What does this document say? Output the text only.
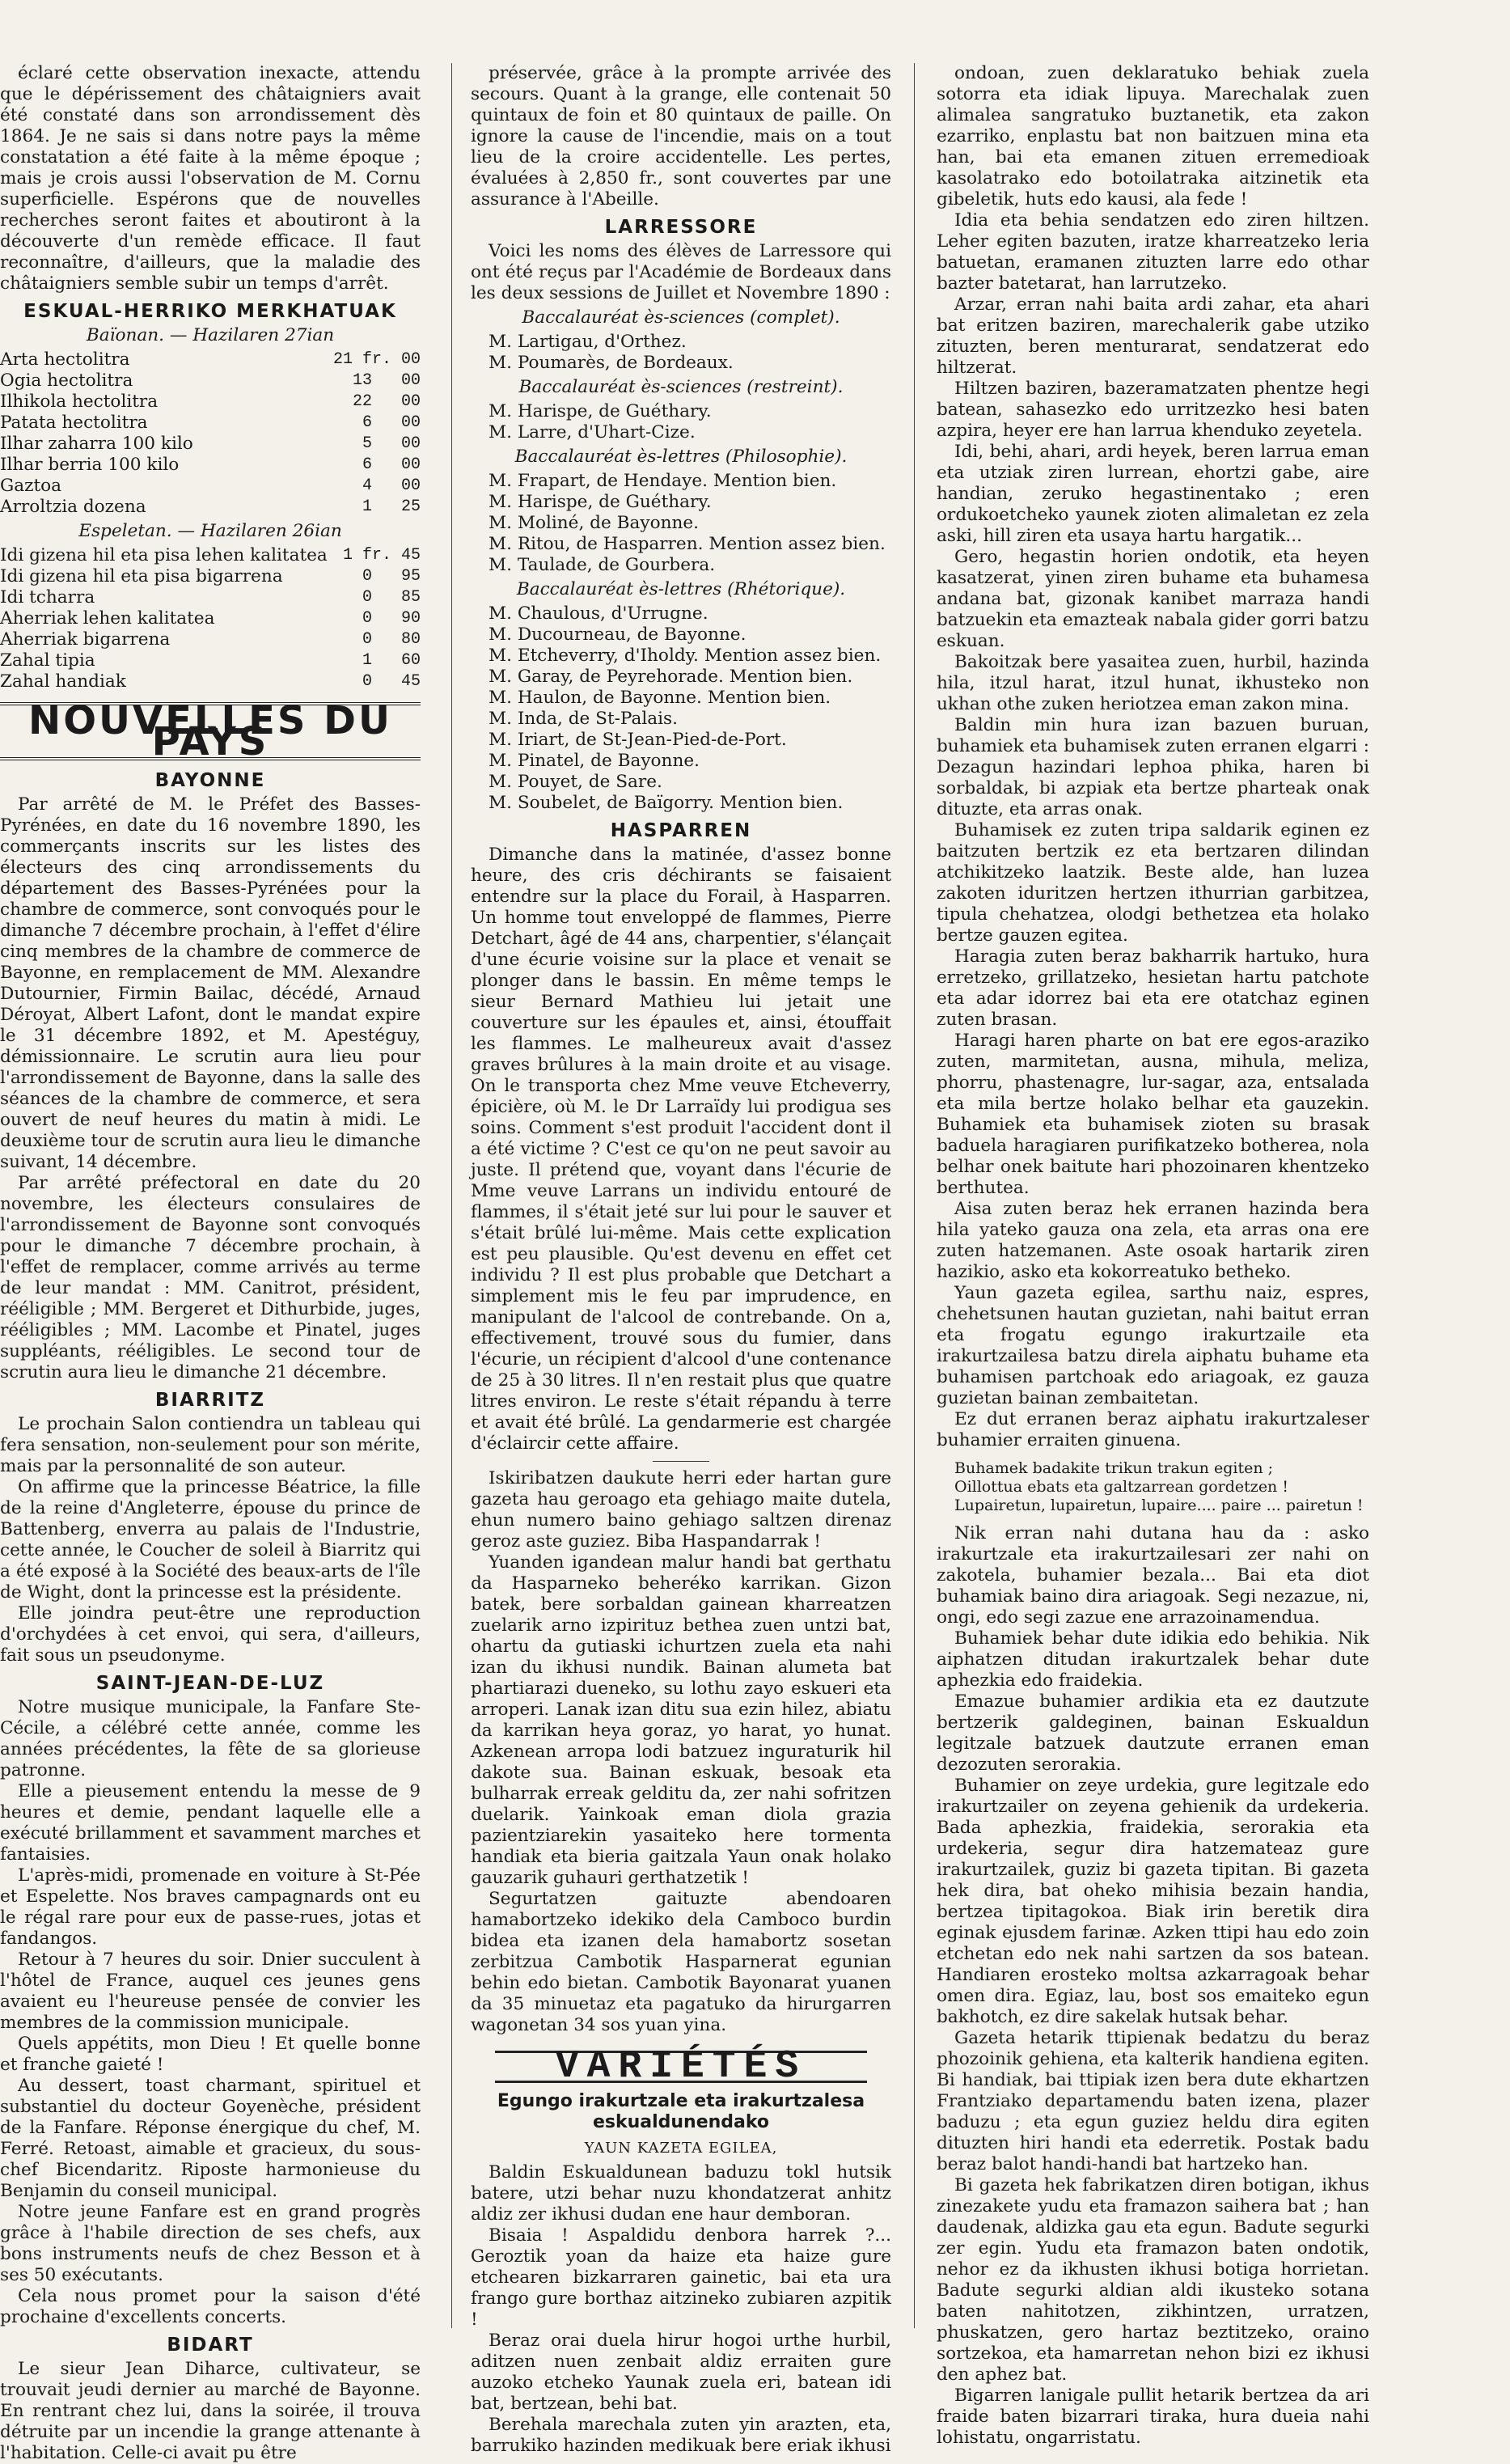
éclaré cette observation inexacte, attendu que le dépérissement des châtaigniers avait été constaté dans son arrondissement dès 1864. Je ne sais si dans notre pays la même constatation a été faite à la même époque ; mais je crois aussi l'observation de M. Cornu superficielle. Espérons que de nouvelles recherches seront faites et aboutiront à la découverte d'un remède efficace. Il faut reconnaître, d'ailleurs, que la maladie des châtaigniers semble subir un temps d'arrêt.

ESKUAL-HERRIKO MERKHATUAK
Baïonan. — Hazilaren 27ian
Arta hectolitra	21 fr. 00
Ogia hectolitra	13   00
Ilhikola hectolitra	22   00
Patata hectolitra	6   00
Ilhar zaharra 100 kilo	5   00
Ilhar berria 100 kilo	6   00
Gaztoa	4   00
Arroltzia dozena	1   25
Espeletan. — Hazilaren 26ian
Idi gizena hil eta pisa lehen kalitatea 1 fr. 45
Idi gizena hil eta pisa bigarrena	0   95
Idi tcharra	0   85
Aherriak lehen kalitatea	0   90
Aherriak bigarrena	0   80
Zahal tipia	1   60
Zahal handiak	0   45
NOUVELLES DU PAYS
BAYONNE

Par arrêté de M. le Préfet des Basses-Pyrénées, en date du 16 novembre 1890, les commerçants inscrits sur les listes des électeurs des cinq arrondissements du département des Basses-Pyrénées pour la chambre de commerce, sont convoqués pour le dimanche 7 décembre prochain, à l'effet d'élire cinq membres de la chambre de commerce de Bayonne, en remplacement de MM. Alexandre Dutournier, Firmin Bailac, décédé, Arnaud Déroyat, Albert Lafont, dont le mandat expire le 31 décembre 1892, et M. Apestéguy, démissionnaire. Le scrutin aura lieu pour l'arrondissement de Bayonne, dans la salle des séances de la chambre de commerce, et sera ouvert de neuf heures du matin à midi. Le deuxième tour de scrutin aura lieu le dimanche suivant, 14 décembre.

Par arrêté préfectoral en date du 20 novembre, les électeurs consulaires de l'arrondissement de Bayonne sont convoqués pour le dimanche 7 décembre prochain, à l'effet de remplacer, comme arrivés au terme de leur mandat : MM. Canitrot, président, rééligible ; MM. Bergeret et Dithurbide, juges, rééligibles ; MM. Lacombe et Pinatel, juges suppléants, rééligibles. Le second tour de scrutin aura lieu le dimanche 21 décembre.

BIARRITZ

Le prochain Salon contiendra un tableau qui fera sensation, non-seulement pour son mérite, mais par la personnalité de son auteur.

On affirme que la princesse Béatrice, la fille de la reine d'Angleterre, épouse du prince de Battenberg, enverra au palais de l'Industrie, cette année, le Coucher de soleil à Biarritz qui a été exposé à la Société des beaux-arts de l'île de Wight, dont la princesse est la présidente.

Elle joindra peut-être une reproduction d'orchydées à cet envoi, qui sera, d'ailleurs, fait sous un pseudonyme.

SAINT-JEAN-DE-LUZ

Notre musique municipale, la Fanfare Ste-Cécile, a célébré cette année, comme les années précédentes, la fête de sa glorieuse patronne.

Elle a pieusement entendu la messe de 9 heures et demie, pendant laquelle elle a exécuté brillamment et savamment marches et fantaisies.

L'après-midi, promenade en voiture à St-Pée et Espelette. Nos braves campagnards ont eu le régal rare pour eux de passe-rues, jotas et fandangos.

Retour à 7 heures du soir. Dnier succulent à l'hôtel de France, auquel ces jeunes gens avaient eu l'heureuse pensée de convier les membres de la commission municipale.

Quels appétits, mon Dieu ! Et quelle bonne et franche gaieté !

Au dessert, toast charmant, spirituel et substantiel du docteur Goyenèche, président de la Fanfare. Réponse énergique du chef, M. Ferré. Retoast, aimable et gracieux, du sous-chef Bicendaritz. Riposte harmonieuse du Benjamin du conseil municipal.

Notre jeune Fanfare est en grand progrès grâce à l'habile direction de ses chefs, aux bons instruments neufs de chez Besson et à ses 50 exécutants.

Cela nous promet pour la saison d'été prochaine d'excellents concerts.

BIDART

Le sieur Jean Diharce, cultivateur, se trouvait jeudi dernier au marché de Bayonne. En rentrant chez lui, dans la soirée, il trouva détruite par un incendie la grange attenante à l'habitation. Celle-ci avait pu être

préservée, grâce à la prompte arrivée des secours. Quant à la grange, elle contenait 50 quintaux de foin et 80 quintaux de paille. On ignore la cause de l'incendie, mais on a tout lieu de la croire accidentelle. Les pertes, évaluées à 2,850 fr., sont couvertes par une assurance à l'Abeille.

LARRESSORE

Voici les noms des élèves de Larressore qui ont été reçus par l'Académie de Bordeaux dans les deux sessions de Juillet et Novembre 1890 :

Baccalauréat ès-sciences (complet).
M. Lartigau, d'Orthez.
M. Poumarès, de Bordeaux.
Baccalauréat ès-sciences (restreint).
M. Harispe, de Guéthary.
M. Larre, d'Uhart-Cize.
Baccalauréat ès-lettres (Philosophie).
M. Frapart, de Hendaye. Mention bien.
M. Harispe, de Guéthary.
M. Moliné, de Bayonne.
M. Ritou, de Hasparren. Mention assez bien.
M. Taulade, de Gourbera.
Baccalauréat ès-lettres (Rhétorique).
M. Chaulous, d'Urrugne.
M. Ducourneau, de Bayonne.
M. Etcheverry, d'Iholdy. Mention assez bien.
M. Garay, de Peyrehorade. Mention bien.
M. Haulon, de Bayonne. Mention bien.
M. Inda, de St-Palais.
M. Iriart, de St-Jean-Pied-de-Port.
M. Pinatel, de Bayonne.
M. Pouyet, de Sare.
M. Soubelet, de Baïgorry. Mention bien.
HASPARREN

Dimanche dans la matinée, d'assez bonne heure, des cris déchirants se faisaient entendre sur la place du Forail, à Hasparren. Un homme tout enveloppé de flammes, Pierre Detchart, âgé de 44 ans, charpentier, s'élançait d'une écurie voisine sur la place et venait se plonger dans le bassin. En même temps le sieur Bernard Mathieu lui jetait une couverture sur les épaules et, ainsi, étouffait les flammes. Le malheureux avait d'assez graves brûlures à la main droite et au visage. On le transporta chez Mme veuve Etcheverry, épicière, où M. le Dr Larraïdy lui prodigua ses soins. Comment s'est produit l'accident dont il a été victime ? C'est ce qu'on ne peut savoir au juste. Il prétend que, voyant dans l'écurie de Mme veuve Larrans un individu entouré de flammes, il s'était jeté sur lui pour le sauver et s'était brûlé lui-même. Mais cette explication est peu plausible. Qu'est devenu en effet cet individu ? Il est plus probable que Detchart a simplement mis le feu par imprudence, en manipulant de l'alcool de contrebande. On a, effectivement, trouvé sous du fumier, dans l'écurie, un récipient d'alcool d'une contenance de 25 à 30 litres. Il n'en restait plus que quatre litres environ. Le reste s'était répandu à terre et avait été brûlé. La gendarmerie est chargée d'éclaircir cette affaire.

Iskiribatzen daukute herri eder hartan gure gazeta hau geroago eta gehiago maite dutela, ehun numero baino gehiago saltzen direnaz geroz aste guziez. Biba Haspandarrak !

Yuanden igandean malur handi bat gerthatu da Hasparneko beheréko karrikan. Gizon batek, bere sorbaldan gainean kharreatzen zuelarik arno izpirituz bethea zuen untzi bat, ohartu da gutiaski ichurtzen zuela eta nahi izan du ikhusi nundik. Bainan alumeta bat phartiarazi dueneko, su lothu zayo eskueri eta arroperi. Lanak izan ditu sua ezin hilez, abiatu da karrikan heya goraz, yo harat, yo hunat. Azkenean arropa lodi batzuez inguraturik hil dakote sua. Bainan eskuak, besoak eta bulharrak erreak gelditu da, zer nahi sofritzen duelarik. Yainkoak eman diola grazia pazientziarekin yasaiteko here tormenta handiak eta bieria gaitzala Yaun onak holako gauzarik guhauri gerthatzetik !

Segurtatzen gaituzte abendoaren hamabortzeko idekiko dela Camboco burdin bidea eta izanen dela hamabortz sosetan zerbitzua Cambotik Hasparnerat egunian behin edo bietan. Cambotik Bayonarat yuanen da 35 minuetaz eta pagatuko da hirurgarren wagonetan 34 sos yuan yina.

VARIÉTÉS
Egungo irakurtzale eta irakurtzalesa eskualdunendako
YAUN KAZETA EGILEA,

Baldin Eskualdunean baduzu tokl hutsik batere, utzi behar nuzu khondatzerat anhitz aldiz zer ikhusi dudan ene haur demboran.

Bisaia ! Aspaldidu denbora harrek ?... Geroztik yoan da haize eta haize gure etchearen bizkarraren gainetic, bai eta ura frango gure borthaz aitzineko zubiaren azpitik !

Beraz orai duela hirur hogoi urthe hurbil, aditzen nuen zenbait aldiz erraiten gure auzoko etcheko Yaunak zuela eri, batean idi bat, bertzean, behi bat.

Berehala marechala zuten yin arazten, eta, barrukiko hazinden medikuak bere eriak ikhusi

ondoan, zuen deklaratuko behiak zuela sotorra eta idiak lipuya. Marechalak zuen alimalea sangratuko buztanetik, eta zakon ezarriko, enplastu bat non baitzuen mina eta han, bai eta emanen zituen erremedioak kasolatrako edo botoilatraka aitzinetik eta gibeletik, huts edo kausi, ala fede !

Idia eta behia sendatzen edo ziren hiltzen. Leher egiten bazuten, iratze kharreatzeko leria batuetan, eramanen zituzten larre edo othar bazter batetarat, han larrutzeko.

Arzar, erran nahi baita ardi zahar, eta ahari bat eritzen baziren, marechalerik gabe utziko zituzten, beren menturarat, sendatzerat edo hiltzerat.

Hiltzen baziren, bazeramatzaten phentze hegi batean, sahasezko edo urritzezko hesi baten azpira, heyer ere han larrua khenduko zeyetela.

Idi, behi, ahari, ardi heyek, beren larrua eman eta utziak ziren lurrean, ehortzi gabe, aire handian, zeruko hegastinentako ; eren ordukoetcheko yaunek zioten alimaletan ez zela aski, hill ziren eta usaya hartu hargatik...

Gero, hegastin horien ondotik, eta heyen kasatzerat, yinen ziren buhame eta buhamesa andana bat, gizonak kanibet marraza handi batzuekin eta emazteak nabala gider gorri batzu eskuan.

Bakoitzak bere yasaitea zuen, hurbil, hazinda hila, itzul harat, itzul hunat, ikhusteko non ukhan othe zuken heriotzea eman zakon mina.

Baldin min hura izan bazuen buruan, buhamiek eta buhamisek zuten erranen elgarri : Dezagun hazindari lephoa phika, haren bi sorbaldak, bi azpiak eta bertze pharteak onak dituzte, eta arras onak.

Buhamisek ez zuten tripa saldarik eginen ez baitzuten bertzik ez eta bertzaren dilindan atchikitzeko laatzik. Beste alde, han luzea zakoten iduritzen hertzen ithurrian garbitzea, tipula chehatzea, olodgi bethetzea eta holako bertze gauzen egitea.

Haragia zuten beraz bakharrik hartuko, hura erretzeko, grillatzeko, hesietan hartu patchote eta adar idorrez bai eta ere otatchaz eginen zuten brasan.

Haragi haren pharte on bat ere egos-araziko zuten, marmitetan, ausna, mihula, meliza, phorru, phastenagre, lur-sagar, aza, entsalada eta mila bertze holako belhar eta gauzekin. Buhamiek eta buhamisek zioten su brasak baduela haragiaren purifikatzeko botherea, nola belhar onek baitute hari phozoinaren khentzeko berthutea.

Aisa zuten beraz hek erranen hazinda bera hila yateko gauza ona zela, eta arras ona ere zuten hatzemanen. Aste osoak hartarik ziren hazikio, asko eta kokorreatuko betheko.

Yaun gazeta egilea, sarthu naiz, espres, chehetsunen hautan guzietan, nahi baitut erran eta frogatu egungo irakurtzaile eta irakurtzailesa batzu direla aiphatu buhame eta buhamisen partchoak edo ariagoak, ez gauza guzietan bainan zembaitetan.

Ez dut erranen beraz aiphatu irakurtzaleser buhamier erraiten ginuena.

Buhamek badakite trikun trakun egiten ;
Oillottua ebats eta galtzarrean gordetzen !
Lupairetun, lupairetun, lupaire.... paire ... pairetun !

Nik erran nahi dutana hau da : asko irakurtzale eta irakurtzailesari zer nahi on zakotela, buhamier bezala... Bai eta diot buhamiak baino dira ariagoak. Segi nezazue, ni, ongi, edo segi zazue ene arrazoinamendua.

Buhamiek behar dute idikia edo behikia. Nik aiphatzen ditudan irakurtzalek behar dute aphezkia edo fraidekia.

Emazue buhamier ardikia eta ez dautzute bertzerik galdeginen, bainan Eskualdun legitzale batzuek dautzute erranen eman dezozuten serorakia.

Buhamier on zeye urdekia, gure legitzale edo irakurtzailer on zeyena gehienik da urdekeria. Bada aphezkia, fraidekia, serorakia eta urdekeria, segur dira hatzemateaz gure irakurtzailek, guziz bi gazeta tipitan. Bi gazeta hek dira, bat oheko mihisia bezain handia, bertzea tipitagokoa. Biak irin beretik dira eginak ejusdem farinæ. Azken ttipi hau edo zoin etchetan edo nek nahi sartzen da sos batean. Handiaren erosteko moltsa azkarragoak behar omen dira. Egiaz, lau, bost sos emaiteko egun bakhotch, ez dire sakelak hutsak behar.

Gazeta hetarik ttipienak bedatzu du beraz phozoinik gehiena, eta kalterik handiena egiten. Bi handiak, bai ttipiak izen bera dute ekhartzen Frantziako departamendu baten izena, plazer baduzu ; eta egun guziez heldu dira egiten dituzten hiri handi eta ederretik. Postak badu beraz balot handi-handi bat hartzeko han.

Bi gazeta hek fabrikatzen diren botigan, ikhus zinezakete yudu eta framazon saihera bat ; han daudenak, aldizka gau eta egun. Badute segurki zer egin. Yudu eta framazon baten ondotik, nehor ez da ikhusten ikhusi botiga horrietan. Badute segurki aldian aldi ikusteko sotana baten nahitotzen, zikhintzen, urratzen, phuskatzen, gero hartaz beztitzeko, oraino sortzekoa, eta hamarretan nehon bizi ez ikhusi den aphez bat.

Bigarren lanigale pullit hetarik bertzea da ari fraide baten bizarrari tiraka, hura dueia nahi lohistatu, ongarristatu.
